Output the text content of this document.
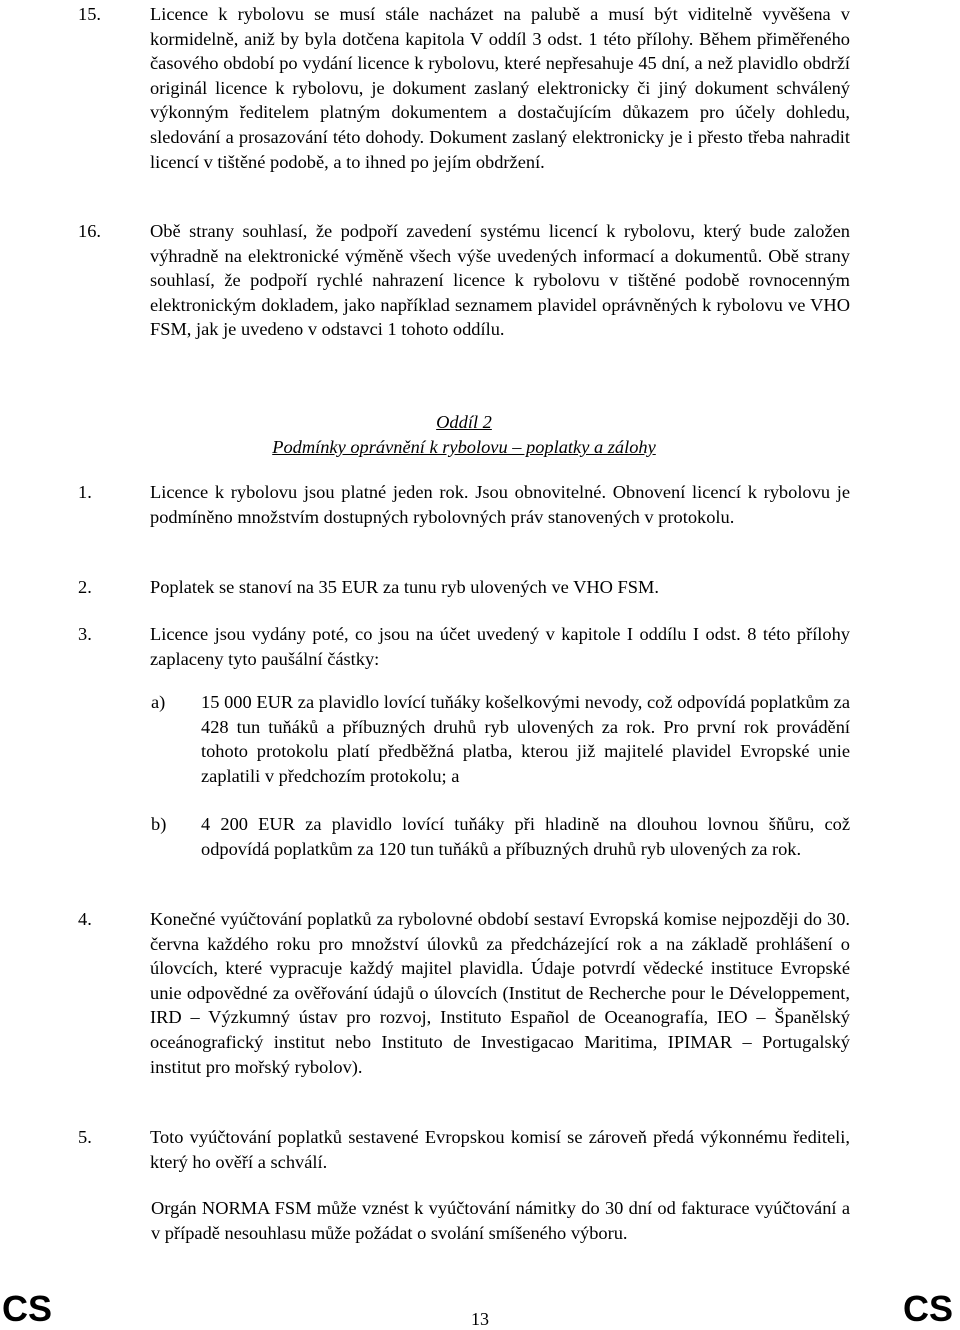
15.	Licence k rybolovu se musí stále nacházet na palubě a musí být viditelně vyvěšena v kormidelně, aniž by byla dotčena kapitola V oddíl 3 odst. 1 této přílohy. Během přiměřeného časového období po vydání licence k rybolovu, které nepřesahuje 45 dní, a než plavidlo obdrží originál licence k rybolovu, je dokument zaslaný elektronicky či jiný dokument schválený výkonným ředitelem platným dokumentem a dostačujícím důkazem pro účely dohledu, sledování a prosazování této dohody. Dokument zaslaný elektronicky je i přesto třeba nahradit licencí v tištěné podobě, a to ihned po jejím obdržení.
16.	Obě strany souhlasí, že podpoří zavedení systému licencí k rybolovu, který bude založen výhradně na elektronické výměně všech výše uvedených informací a dokumentů. Obě strany souhlasí, že podpoří rychlé nahrazení licence k rybolovu v tištěné podobě rovnocenným elektronickým dokladem, jako například seznamem plavidel oprávněných k rybolovu ve VHO FSM, jak je uvedeno v odstavci 1 tohoto oddílu.
Oddíl 2
Podmínky oprávnění k rybolovu – poplatky a zálohy
1.	Licence k rybolovu jsou platné jeden rok. Jsou obnovitelné. Obnovení licencí k rybolovu je podmíněno množstvím dostupných rybolovných práv stanovených v protokolu.
2.	Poplatek se stanoví na 35 EUR za tunu ryb ulovených ve VHO FSM.
3.	Licence jsou vydány poté, co jsou na účet uvedený v kapitole I oddílu I odst. 8 této přílohy zaplaceny tyto paušální částky:
a) 15 000 EUR za plavidlo lovící tuňáky košelkovými nevody, což odpovídá poplatkům za 428 tun tuňáků a příbuzných druhů ryb ulovených za rok. Pro první rok provádění tohoto protokolu platí předběžná platba, kterou již majitelé plavidel Evropské unie zaplatili v předchozím protokolu; a
b) 4 200 EUR za plavidlo lovící tuňáky při hladině na dlouhou lovnou šňůru, což odpovídá poplatkům za 120 tun tuňáků a příbuzných druhů ryb ulovených za rok.
4.	Konečné vyúčtování poplatků za rybolovné období sestaví Evropská komise nejpozději do 30. června každého roku pro množství úlovků za předcházející rok a na základě prohlášení o úlovcích, které vypracuje každý majitel plavidla. Údaje potvrdí vědecké instituce Evropské unie odpovědné za ověřování údajů o úlovcích (Institut de Recherche pour le Développement, IRD – Výzkumný ústav pro rozvoj, Instituto Español de Oceanografía, IEO – Španělský oceánografický institut nebo Instituto de Investigacao Maritima, IPIMAR – Portugalský institut pro mořský rybolov).
5.	Toto vyúčtování poplatků sestavené Evropskou komisí se zároveň předá výkonnému řediteli, který ho ověří a schválí.
Orgán NORMA FSM může vznést k vyúčtování námitky do 30 dní od fakturace vyúčtování a v případě nesouhlasu může požádat o svolání smíšeného výboru.
CS	13	CS
